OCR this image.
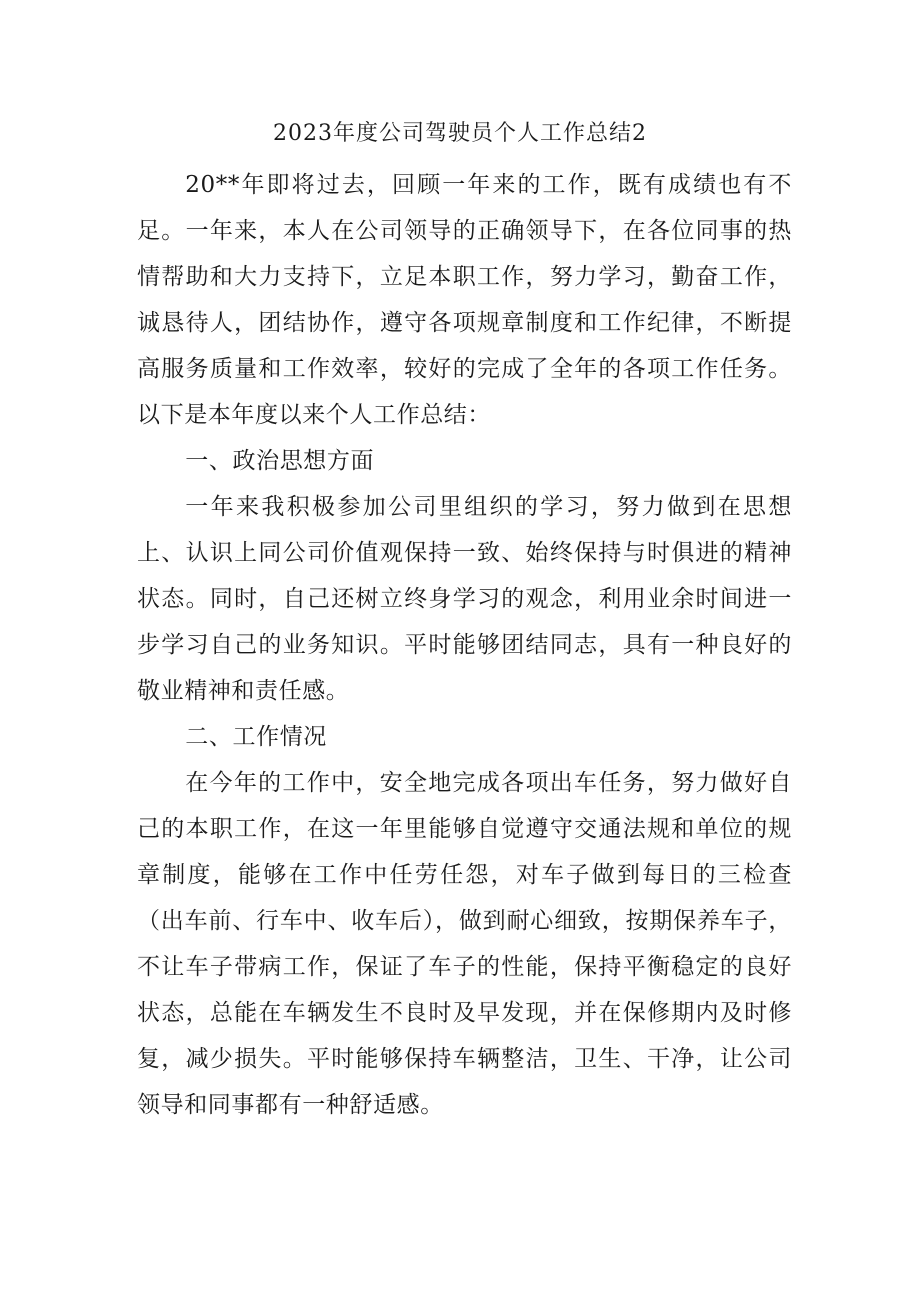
2023年度公司驾驶员个人工作总结2

20**年即将过去，回顾一年来的工作，既有成绩也有不足。一年来，本人在公司领导的正确领导下，在各位同事的热情帮助和大力支持下，立足本职工作，努力学习，勤奋工作，诚恳待人，团结协作，遵守各项规章制度和工作纪律，不断提高服务质量和工作效率，较好的完成了全年的各项工作任务。以下是本年度以来个人工作总结：

一、政治思想方面

一年来我积极参加公司里组织的学习，努力做到在思想上、认识上同公司价值观保持一致、始终保持与时俱进的精神状态。同时，自己还树立终身学习的观念，利用业余时间进一步学习自己的业务知识。平时能够团结同志，具有一种良好的敬业精神和责任感。

二、工作情况

在今年的工作中，安全地完成各项出车任务，努力做好自己的本职工作，在这一年里能够自觉遵守交通法规和单位的规章制度，能够在工作中任劳任怨，对车子做到每日的三检查（出车前、行车中、收车后），做到耐心细致，按期保养车子，不让车子带病工作，保证了车子的性能，保持平衡稳定的良好状态，总能在车辆发生不良时及早发现，并在保修期内及时修复，减少损失。平时能够保持车辆整洁，卫生、干净，让公司领导和同事都有一种舒适感。
